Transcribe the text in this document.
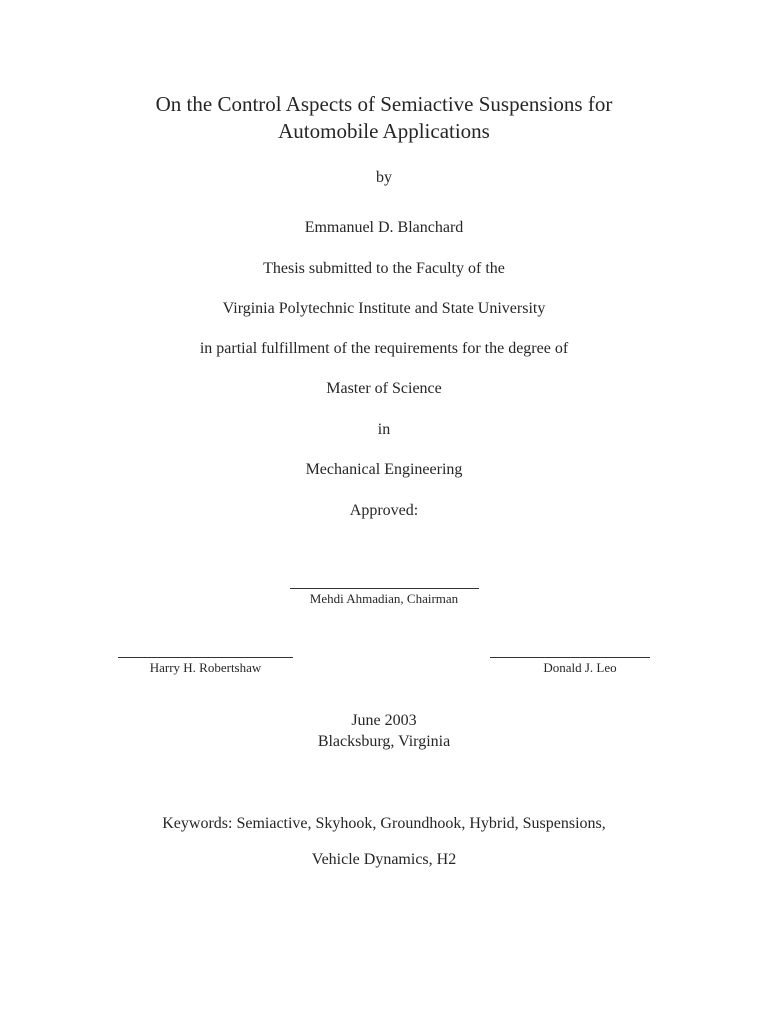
On the Control Aspects of Semiactive Suspensions for
Automobile Applications
by
Emmanuel D. Blanchard
Thesis submitted to the Faculty of the
Virginia Polytechnic Institute and State University
in partial fulfillment of the requirements for the degree of
Master of Science
in
Mechanical Engineering
Approved:
Mehdi Ahmadian, Chairman
Harry H. Robertshaw	Donald J. Leo
June 2003
Blacksburg, Virginia
Keywords: Semiactive, Skyhook, Groundhook, Hybrid, Suspensions,
Vehicle Dynamics, H2
